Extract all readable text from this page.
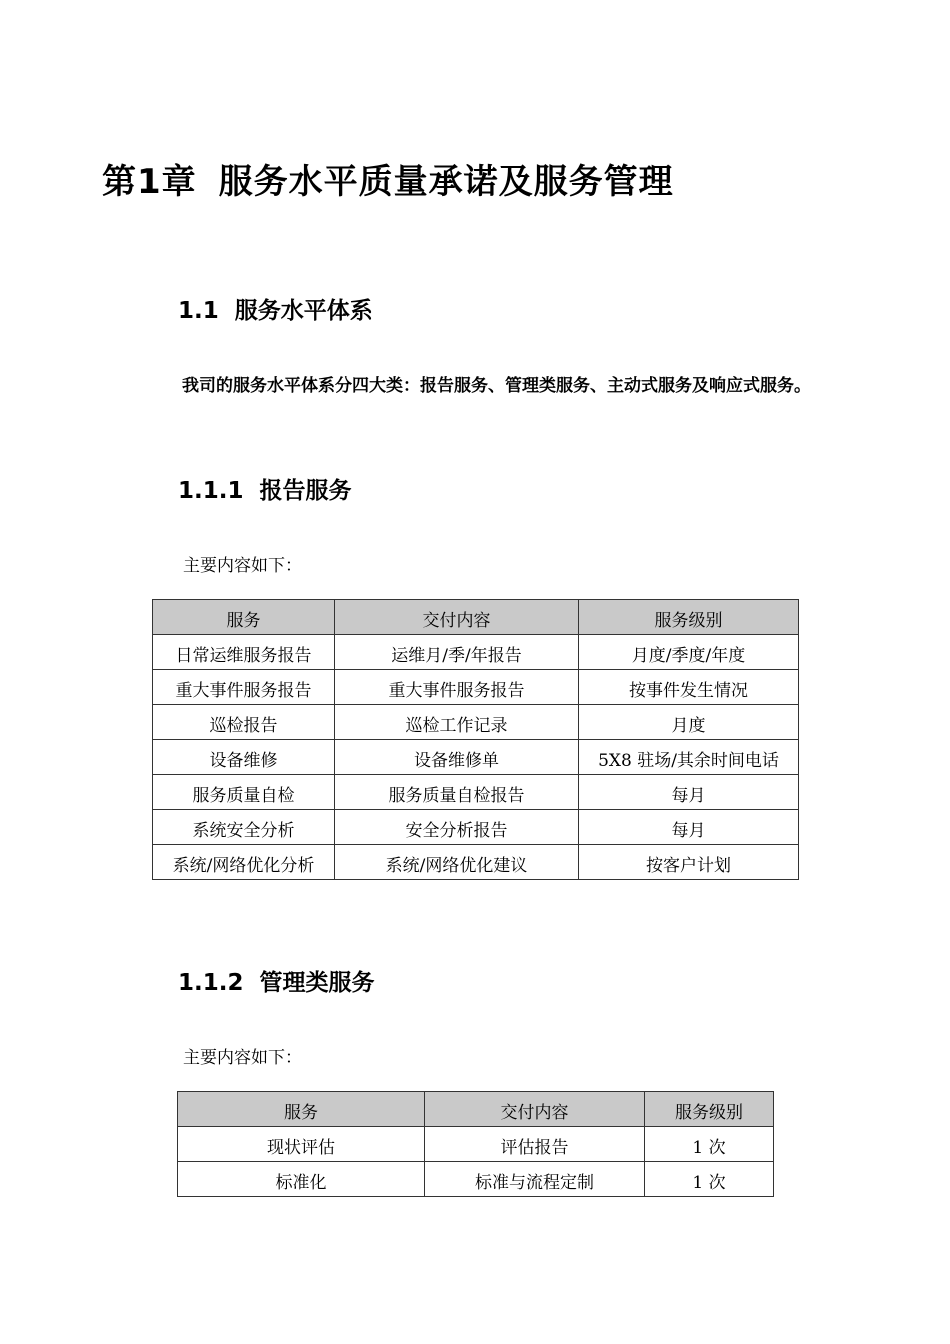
第1章 服务水平质量承诺及服务管理
1.1 服务水平体系
我司的服务水平体系分四大类：报告服务、管理类服务、主动式服务及响应式服务。
1.1.1 报告服务
主要内容如下：
服务	交付内容	服务级别
日常运维服务报告	运维月/季/年报告	月度/季度/年度
重大事件服务报告	重大事件服务报告	按事件发生情况
巡检报告	巡检工作记录	月度
设备维修	设备维修单	5X8 驻场/其余时间电话
服务质量自检	服务质量自检报告	每月
系统安全分析	安全分析报告	每月
系统/网络优化分析	系统/网络优化建议	按客户计划
1.1.2 管理类服务
主要内容如下：
服务	交付内容	服务级别
现状评估	评估报告	1 次
标准化	标准与流程定制	1 次
